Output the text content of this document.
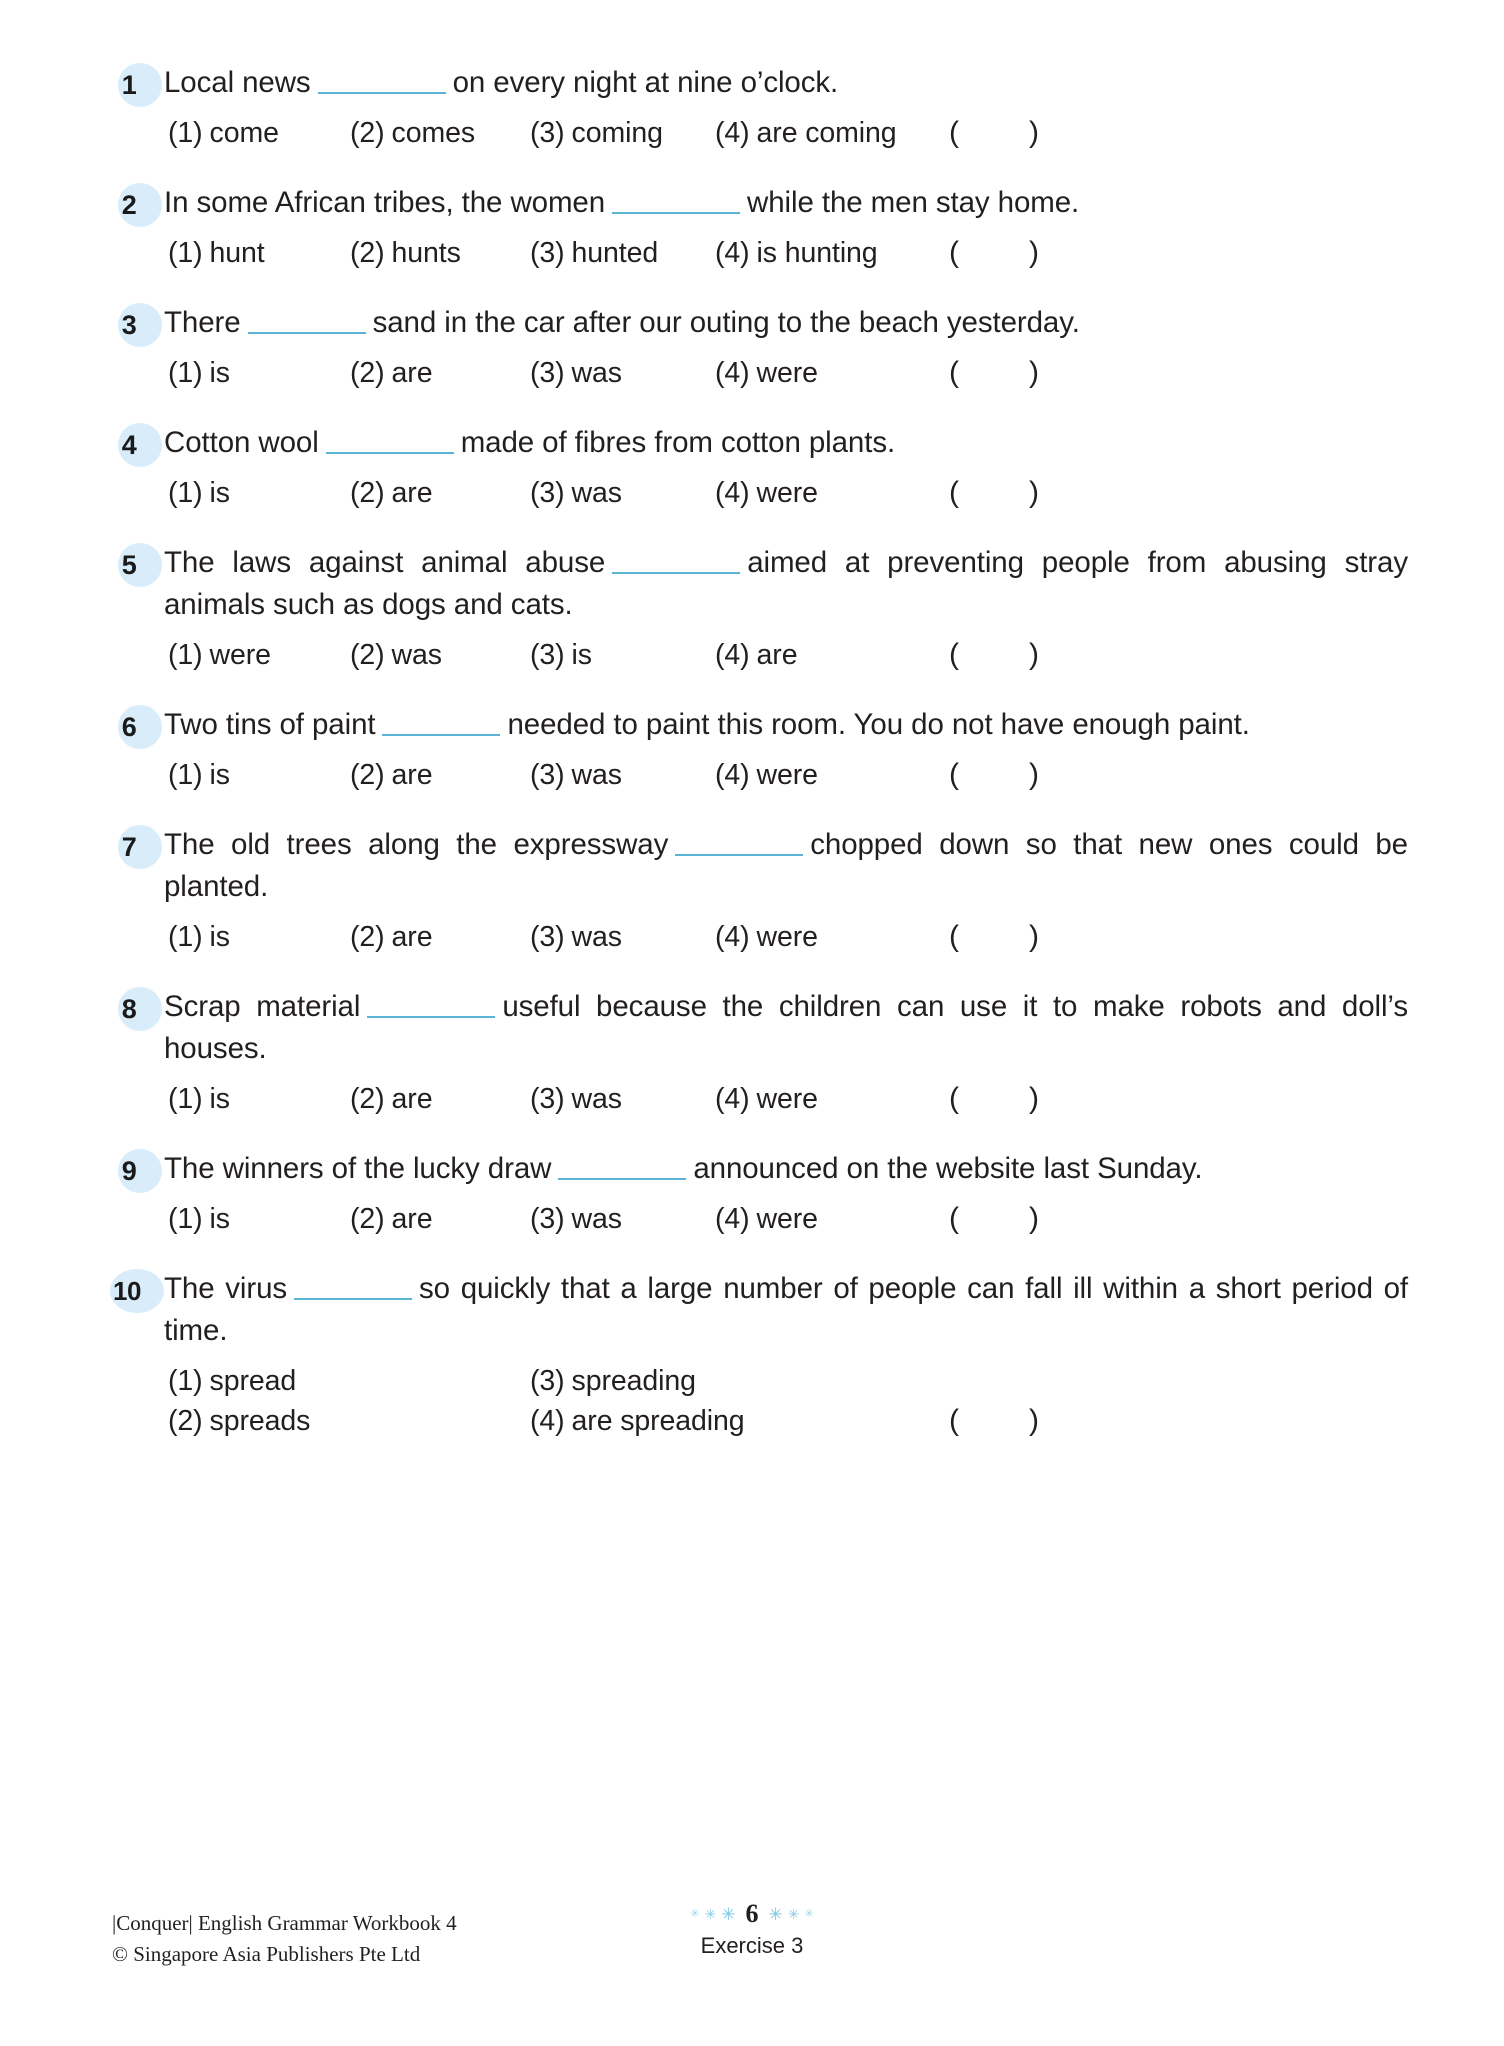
1 Local news	on every night at nine o’clock.
(1) come (2) comes (3) coming (4) are coming ( )
2 In some African tribes, the women	while the men stay home.
(1) hunt	(2) hunts (3) hunted (4) is hunting ( )
3 There	sand in the car after our outing to the beach yesterday.
(1) is	(2) are	(3) was	(4) were	( )
4 Cotton wool	made of fibres from cotton plants.
(1) is	(2) are	(3) was	(4) were	( )
5 The laws against animal abuse	aimed at preventing people from abusing stray animals such as dogs and cats.
(1) were	(2) was	(3) is	(4) are	( )
6 Two tins of paint	needed to paint this room. You do not have enough paint.
(1) is	(2) are	(3) was	(4) were	( )
7 The old trees along the expressway	chopped down so that new ones could be planted.
(1) is	(2) are	(3) was	(4) were	( )
8 Scrap material	useful because the children can use it to make robots and doll’s houses.
(1) is	(2) are	(3) was	(4) were	( )
9 The winners of the lucky draw	announced on the website last Sunday.
(1) is	(2) are	(3) was	(4) were	( )
10 The virus	so quickly that a large number of people can fall ill within a short period of time.
(1) spread
(2) spreads
(3) spreading
(4) are spreading	( )
|Conquer| English Grammar Workbook 4
© Singapore Asia Publishers Pte Ltd
✳ ✳ ✳ 6 ✳ ✳ ✳
Exercise 3
